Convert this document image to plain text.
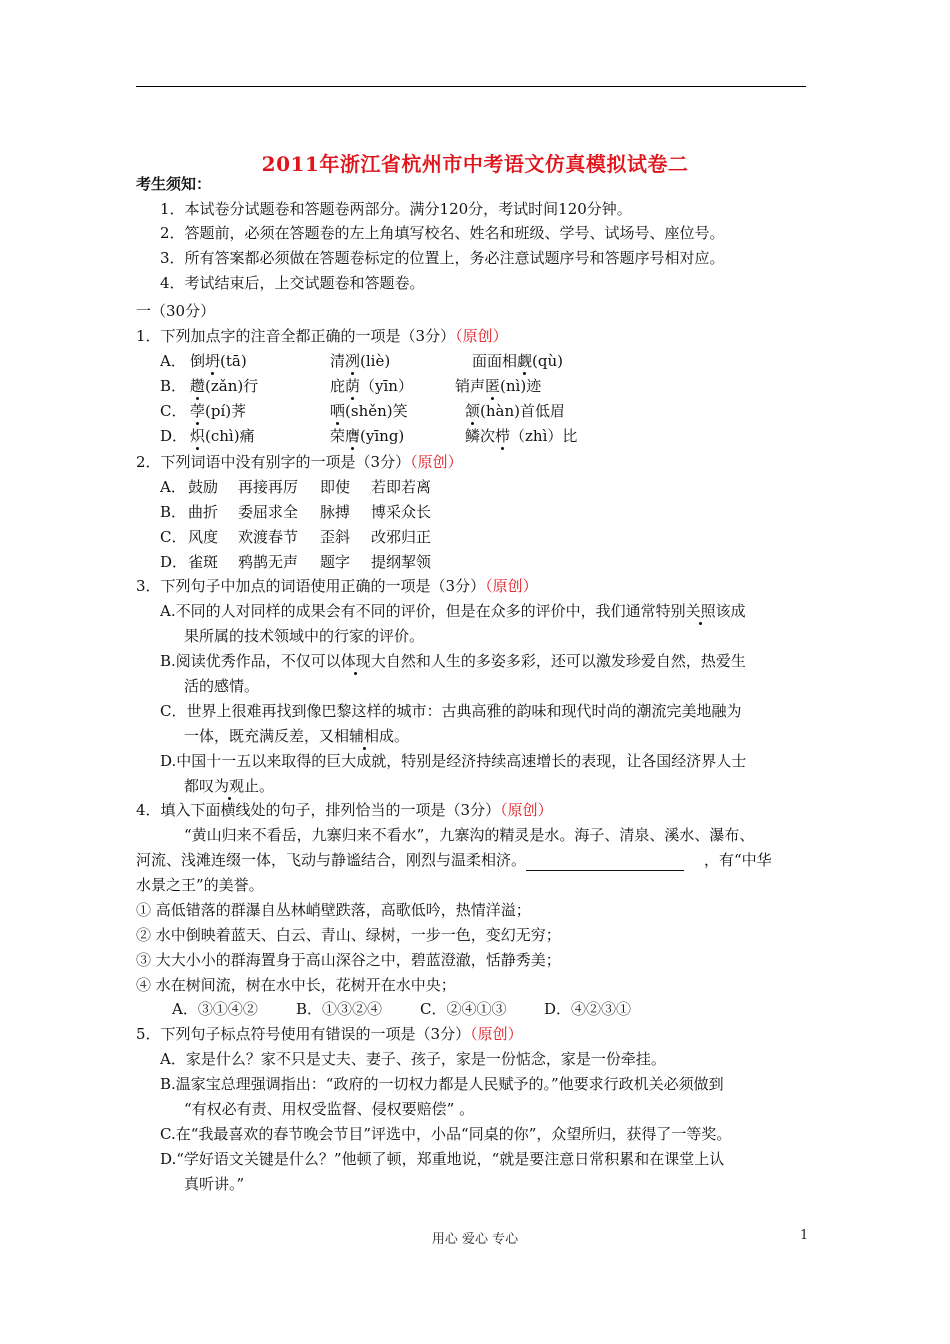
2011年浙江省杭州市中考语文仿真模拟试卷二
考生须知：
1．本试卷分试题卷和答题卷两部分。满分120分，考试时间120分钟。
2．答题前，必须在答题卷的左上角填写校名、姓名和班级、学号、试场号、座位号。
3．所有答案都必须做在答题卷标定的位置上，务必注意试题序号和答题序号相对应。
4．考试结束后，上交试题卷和答题卷。
一（30分）
1．下列加点字的注音全都正确的一项是（3分）（原创）
A． 倒坍(tā)	清冽(liè)	面面相觑(qù)
B． 趱(zǎn)行	庇荫（yīn）	销声匿(nì)迹
C． 荸(pí)荠	哂(shěn)笑	颔(hàn)首低眉
D． 炽(chì)痛	荣膺(yīng)	鳞次栉（zhì）比
2．下列词语中没有别字的一项是（3分）（原创）
A． 鼓励 再接再厉 即使 若即若离
B． 曲折 委屈求全 脉搏 博采众长
C． 风度 欢渡春节 歪斜 改邪归正
D． 雀斑 鸦鹊无声 题字 提纲挈领
3．下列句子中加点的词语使用正确的一项是（3分）（原创）
A.不同的人对同样的成果会有不同的评价，但是在众多的评价中，我们通常特别关照该成
果所属的技术领域中的行家的评价。
B.阅读优秀作品，不仅可以体现大自然和人生的多姿多彩，还可以激发珍爱自然，热爱生
活的感情。
C．世界上很难再找到像巴黎这样的城市：古典高雅的韵味和现代时尚的潮流完美地融为
一体，既充满反差，又相辅相成。
D.中国十一五以来取得的巨大成就，特别是经济持续高速增长的表现，让各国经济界人士
都叹为观止。
4．填入下面横线处的句子，排列恰当的一项是（3分）（原创）
“黄山归来不看岳，九寨归来不看水”，九寨沟的精灵是水。海子、清泉、溪水、瀑布、
河流、浅滩连缀一体，飞动与静谧结合，刚烈与温柔相济。	，有“中华
水景之王”的美誉。
① 高低错落的群瀑自丛林峭壁跌落，高歌低吟，热情洋溢；
② 水中倒映着蓝天、白云、青山、绿树，一步一色，变幻无穷；
③ 大大小小的群海置身于高山深谷之中，碧蓝澄澈，恬静秀美；
④ 水在树间流，树在水中长，花树开在水中央；
A．③①④②	B．①③②④	C．②④①③	D．④②③①
5．下列句子标点符号使用有错误的一项是（3分）（原创）
A．家是什么？家不只是丈夫、妻子、孩子，家是一份惦念，家是一份牵挂。
B.温家宝总理强调指出：“政府的一切权力都是人民赋予的。”他要求行政机关必须做到
“有权必有责、用权受监督、侵权要赔偿” 。
C.在“我最喜欢的春节晚会节目”评选中，小品“同桌的你”，众望所归，获得了一等奖。
D.“学好语文关键是什么？”他顿了顿，郑重地说，“就是要注意日常积累和在课堂上认
真听讲。”
用心 爱心 专心	1
